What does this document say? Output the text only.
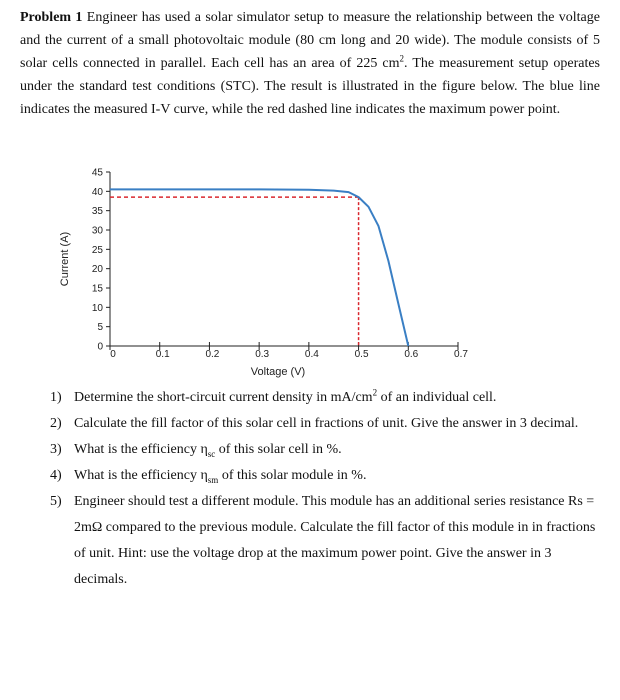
Problem 1 Engineer has used a solar simulator setup to measure the relationship between the voltage and the current of a small photovoltaic module (80 cm long and 20 wide). The module consists of 5 solar cells connected in parallel. Each cell has an area of 225 $cm^2$. The measurement setup operates under the standard test conditions (STC). The result is illustrated in the figure below. The blue line indicates the measured I-V curve, while the red dashed line indicates the maximum power point.
0
5
10
15
20
25
30
35
40
45
0	0.1	0.2	0.3	0.4	0.5	0.6	0.7
Voltage (V)
Current (A)
1) Determine the short-circuit current density in $mA/cm^2$ of an individual cell.
2) Calculate the fill factor of this solar cell in fractions of unit. Give the answer in 3 decimal.
3) What is the efficiency $\eta_{sc}$ of this solar cell in %.
4) What is the efficiency $\eta_{sm}$ of this solar module in %.
5) Engineer should test a different module. This module has an additional series resistance Rs = 2mΩ compared to the previous module. Calculate the fill factor of this module in in fractions of unit. Hint: use the voltage drop at the maximum power point. Give the answer in 3 decimals.
